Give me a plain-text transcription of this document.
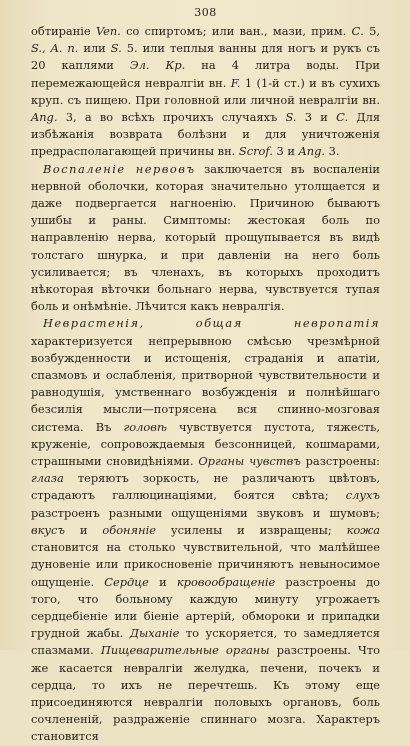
308

обтираніе Ven. со спиртомъ; или ван., мази, прим. С. 5, S., A. n. или S. 5. или теплыя ванны для ногъ и рукъ съ 20 каплями Эл. Кр. на 4 литра воды. При перемежающейся невралгіи вн. F. 1 (1-й ст.) и въ сухихъ круп. съ пищею. При головной или личной невралгіи вн. Ang. 3, а во всѣхъ прочихъ случаяхъ S. 3 и C. Для избѣжанія возврата болѣзни и для уничтоженія предрасполагающей причины вн. Scrof. 3 и Ang. 3.

Воспаленіе нервовъ заключается въ воспаленіи нервной оболочки, которая значительно утолщается и даже подвергается нагноенію. Причиною бываютъ ушибы и раны. Симптомы: жестокая боль по направленію нерва, который прощупывается въ видѣ толстаго шнурка, и при давленіи на него боль усиливается; въ членахъ, въ которыхъ проходитъ нѣкоторая вѣточки больнаго нерва, чувствуется тупая боль и онѣмѣніе. Лѣчится какъ невралгія.

Неврастенія, общая невропатія характеризуется непрерывною смѣсью чрезмѣрной возбужденности и истощенія, страданія и апатіи, спазмовъ и ослабленія, притворной чувствительности и равнодушія, умственнаго возбужденія и полнѣйшаго безсилія мысли—потрясена вся спинно-мозговая система. Въ головѣ чувствуется пустота, тяжесть, круженіе, сопровождаемыя безсонницей, кошмарами, страшными сновидѣніями. Органы чувствъ разстроены: глаза теряютъ зоркость, не различаютъ цвѣтовъ, страдаютъ галлюцинаціями, боятся свѣта; слухъ разстроенъ разными ощущеніями звуковъ и шумовъ; вкусъ и обоняніе усилены и извращены; кожа становится на столько чувствительной, что малѣйшее дуновеніе или прикосновеніе причиняютъ невыносимое ощущеніе. Сердце и кровообращеніе разстроены до того, что больному каждую минуту угрожаетъ сердцебіеніе или біеніе артерій, обмороки и припадки грудной жабы. Дыханіе то ускоряется, то замедляется спазмами. Пищеварительные органы разстроены. Что же касается невралгіи желудка, печени, почекъ и сердца, то ихъ не перечтешь. Къ этому еще присоединяются невралгіи половыхъ органовъ, боль сочлененій, раздраженіе спиннаго мозга. Характеръ становится
